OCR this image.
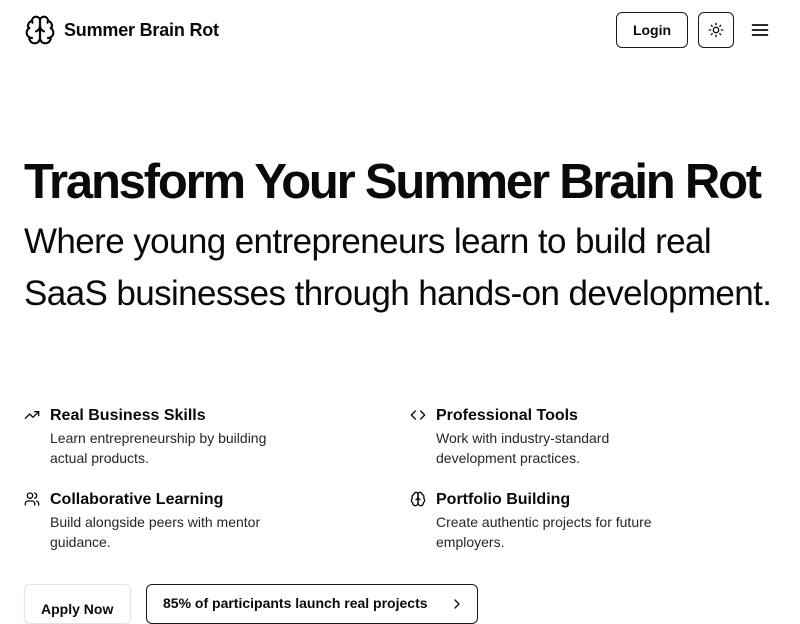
Summer Brain Rot	Login
Transform Your Summer Brain Rot

Where young entrepreneurs learn to build real SaaS businesses through hands-on development.

Real Business Skills
Learn entrepreneurship by building actual products.
Professional Tools
Work with industry-standard development practices.
Collaborative Learning
Build alongside peers with mentor guidance.
Portfolio Building
Create authentic projects for future employers.
Apply Now	85% of participants launch real projects
